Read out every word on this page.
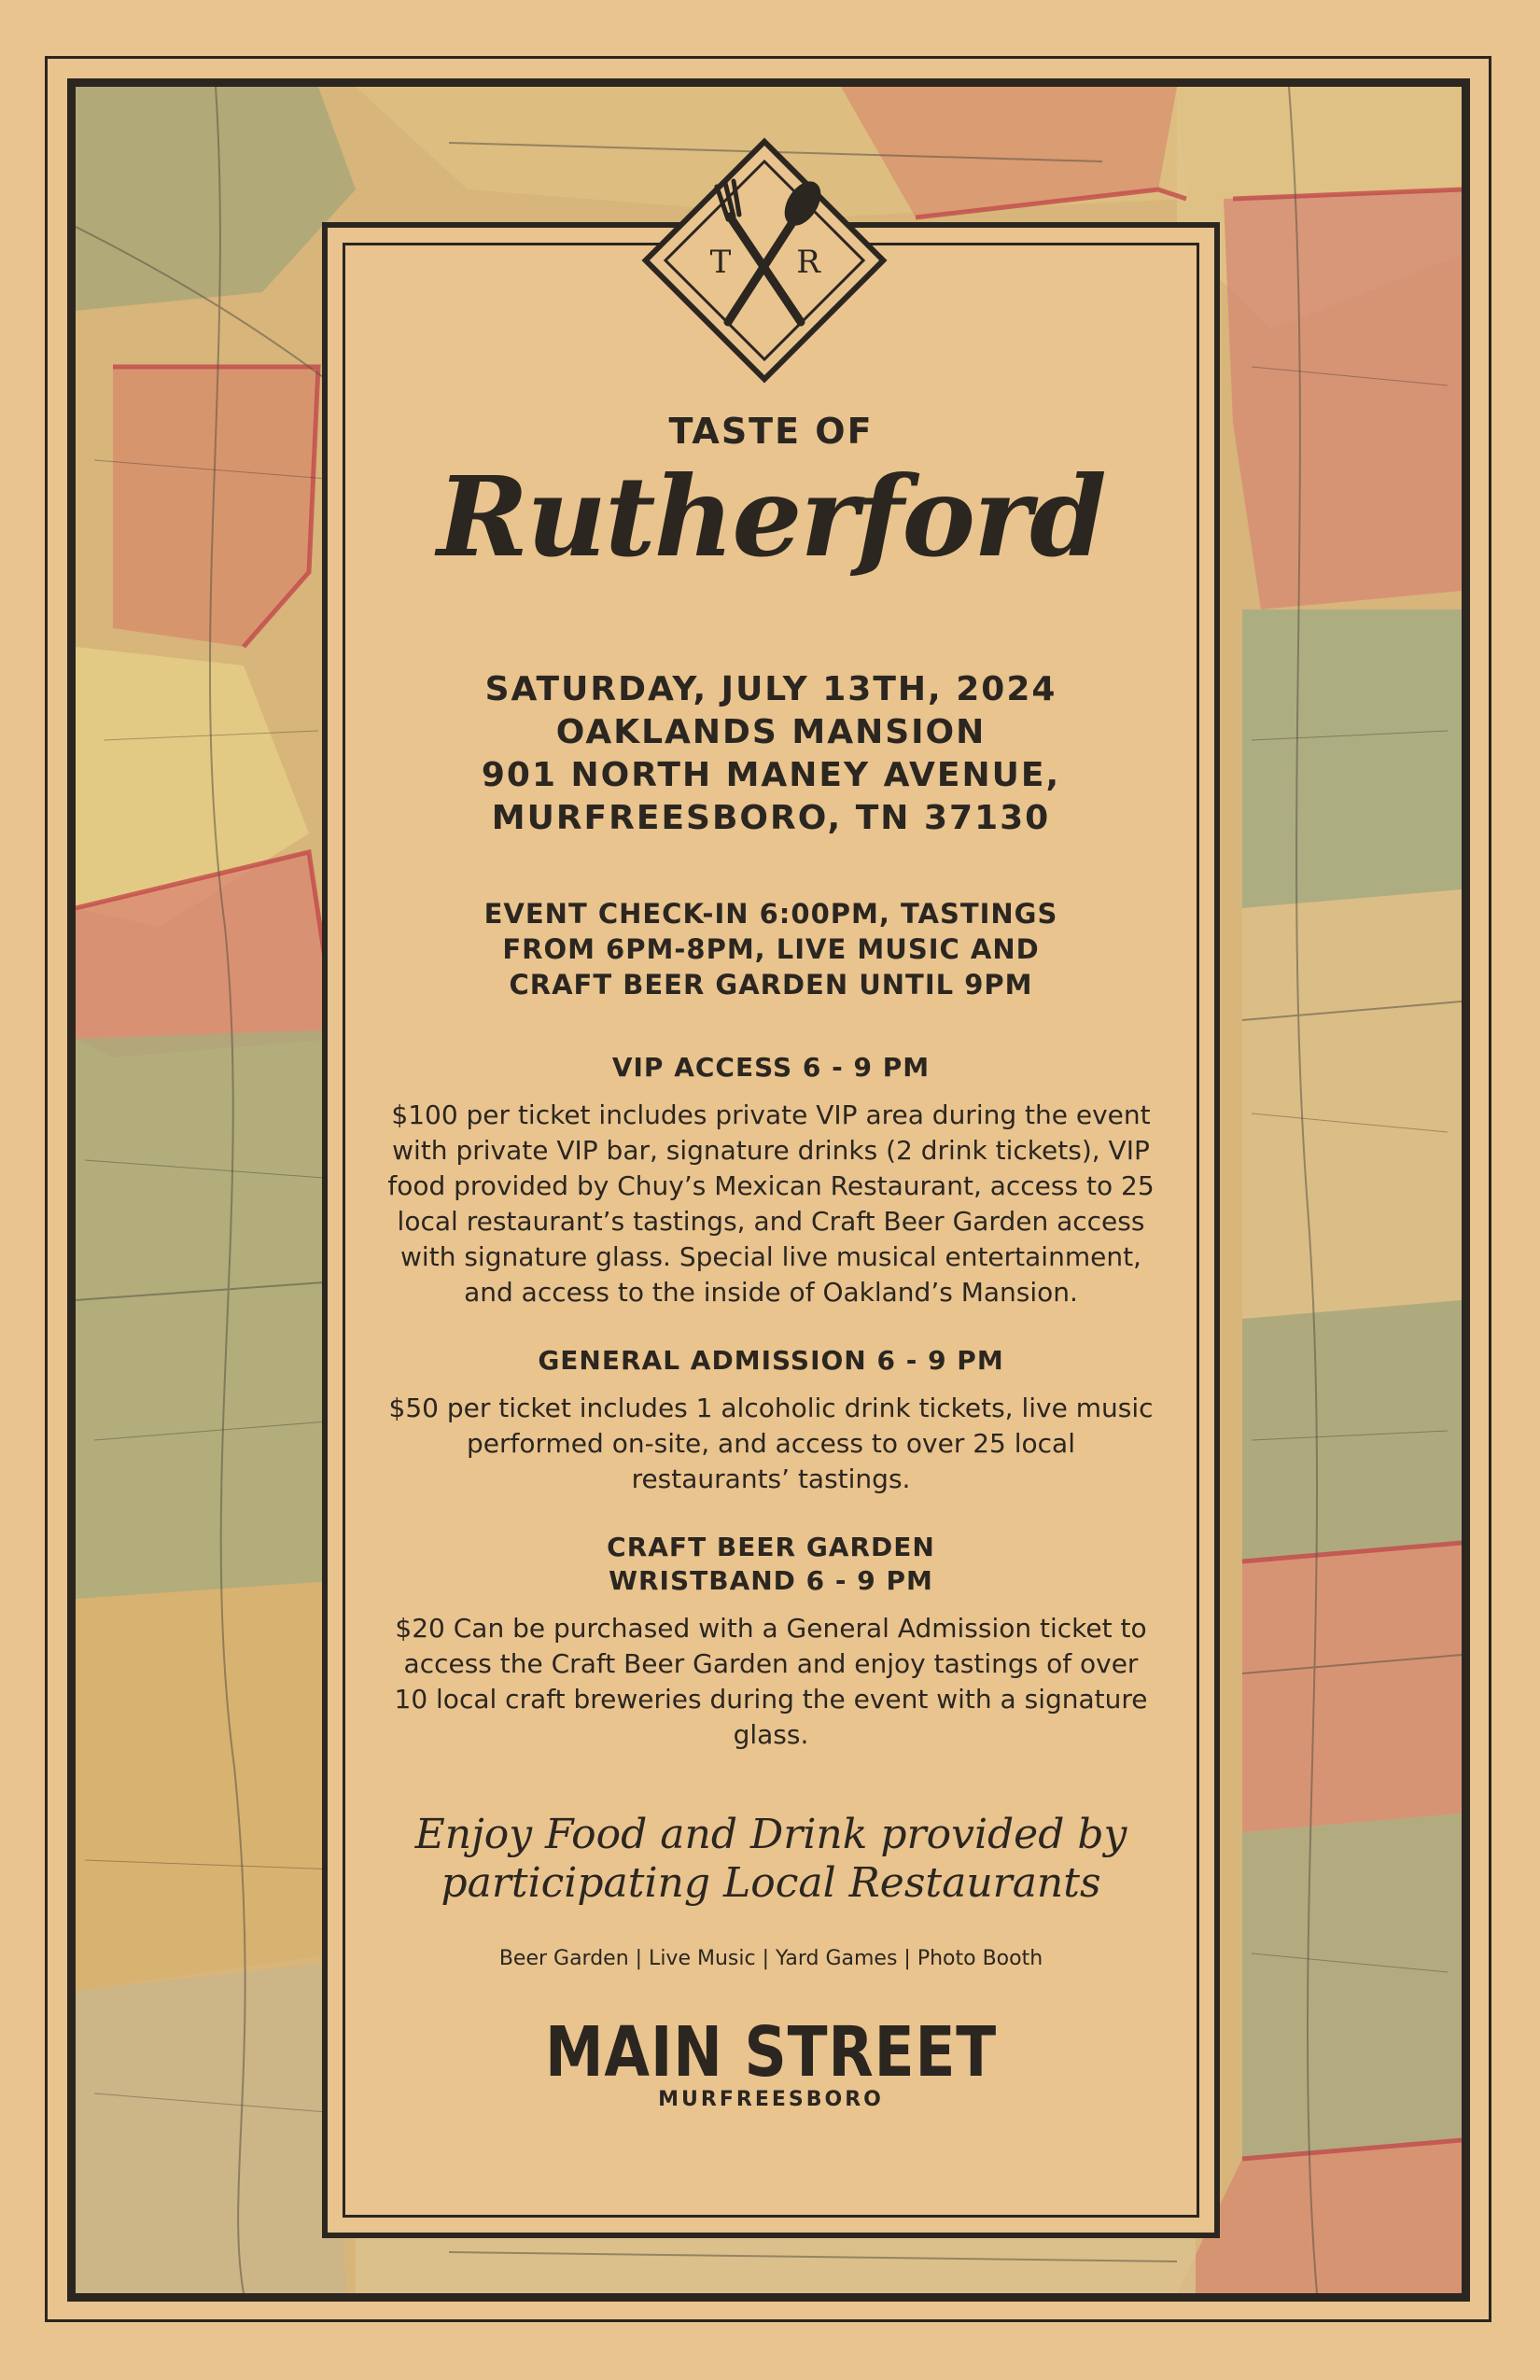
T R
TASTE OF
Rutherford
SATURDAY, JULY 13TH, 2024
OAKLANDS MANSION
901 NORTH MANEY AVENUE,
MURFREESBORO, TN 37130
EVENT CHECK-IN 6:00PM, TASTINGS
FROM 6PM-8PM, LIVE MUSIC AND
CRAFT BEER GARDEN UNTIL 9PM
VIP ACCESS 6 - 9 PM
$100 per ticket includes private VIP area during the event with private VIP bar, signature drinks (2 drink tickets), VIP food provided by Chuy’s Mexican Restaurant, access to 25 local restaurant’s tastings, and Craft Beer Garden access with signature glass. Special live musical entertainment, and access to the inside of Oakland’s Mansion.
GENERAL ADMISSION 6 - 9 PM
$50 per ticket includes 1 alcoholic drink tickets, live music performed on-site, and access to over 25 local restaurants’ tastings.
CRAFT BEER GARDEN
WRISTBAND 6 - 9 PM
$20 Can be purchased with a General Admission ticket to access the Craft Beer Garden and enjoy tastings of over 10 local craft breweries during the event with a signature glass.
Enjoy Food and Drink provided by
participating Local Restaurants
Beer Garden | Live Music | Yard Games | Photo Booth
MAIN STREET
MURFREESBORO
